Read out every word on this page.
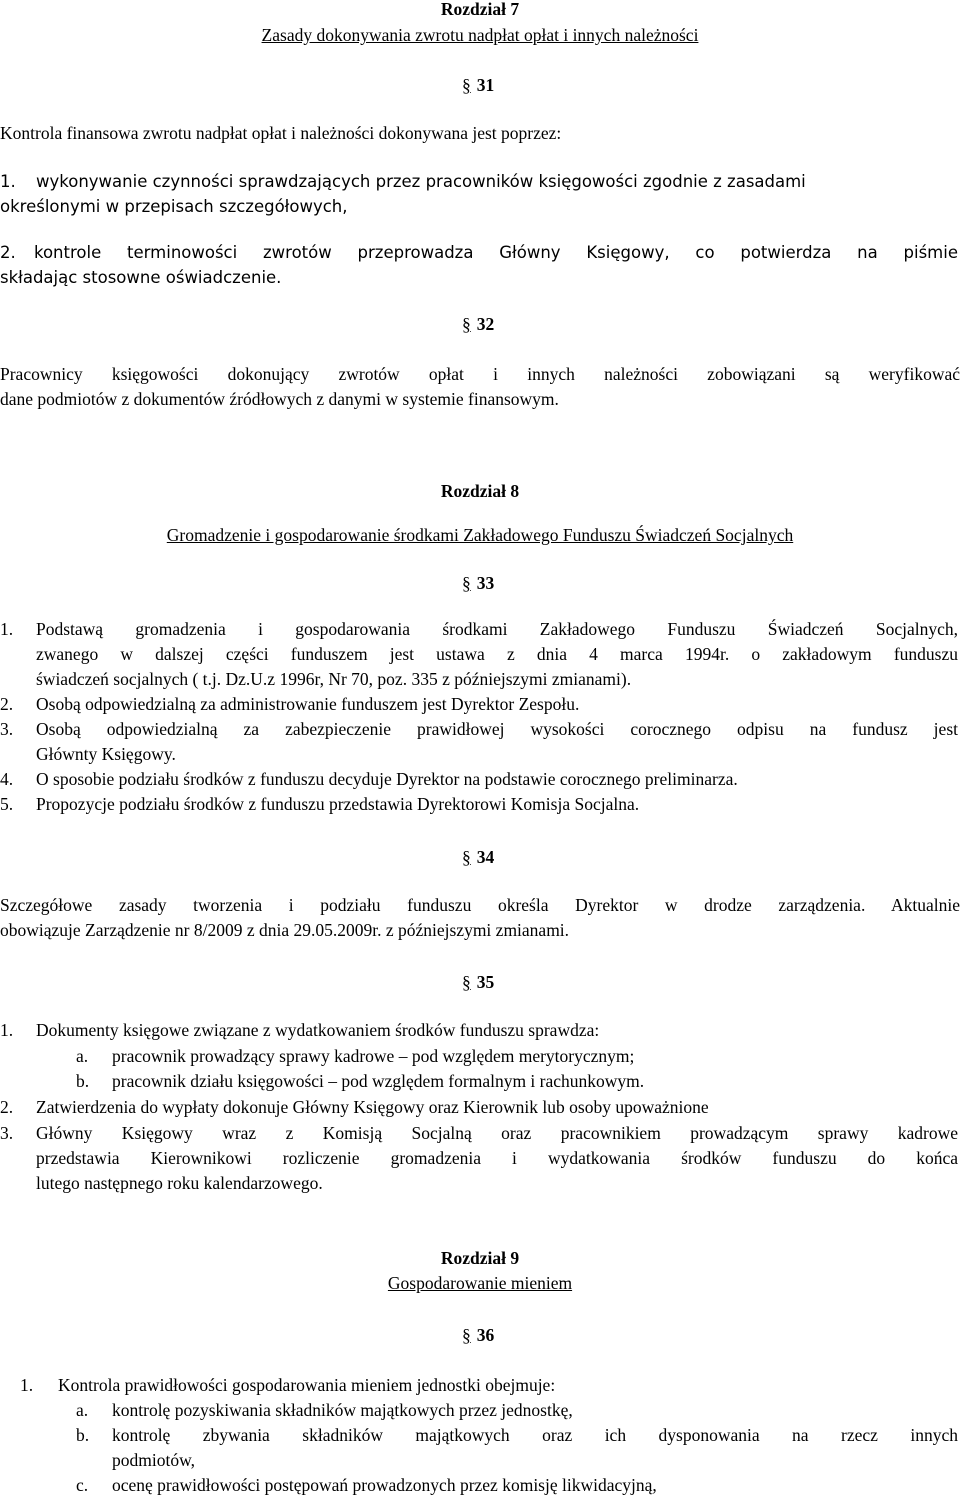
Rozdział 7
Zasady dokonywania zwrotu nadpłat opłat i innych należności
§ 31
Kontrola finansowa zwrotu nadpłat opłat i należności dokonywana jest poprzez:
1. wykonywanie czynności sprawdzających przez pracowników księgowości zgodnie z zasadami
określonymi w przepisach szczegółowych,
2. kontrole terminowości zwrotów przeprowadza Główny Księgowy, co potwierdza na piśmie
składając stosowne oświadczenie.
§ 32
Pracownicy księgowości dokonujący zwrotów opłat i innych należności zobowiązani są weryfikować
dane podmiotów z dokumentów źródłowych z danymi w systemie finansowym.
Rozdział 8
Gromadzenie i gospodarowanie środkami Zakładowego Funduszu Świadczeń Socjalnych
§ 33
1. Podstawą gromadzenia i gospodarowania środkami Zakładowego Funduszu Świadczeń Socjalnych,
zwanego w dalszej części funduszem jest ustawa z dnia 4 marca 1994r. o zakładowym funduszu
świadczeń socjalnych ( t.j. Dz.U.z 1996r, Nr 70, poz. 335 z późniejszymi zmianami).
2. Osobą odpowiedzialną za administrowanie funduszem jest Dyrektor Zespołu.
3. Osobą odpowiedzialną za zabezpieczenie prawidłowej wysokości corocznego odpisu na fundusz jest
Głównty Księgowy.
4. O sposobie podziału środków z funduszu decyduje Dyrektor na podstawie corocznego preliminarza.
5. Propozycje podziału środków z funduszu przedstawia Dyrektorowi Komisja Socjalna.
§ 34
Szczegółowe zasady tworzenia i podziału funduszu określa Dyrektor w drodze zarządzenia. Aktualnie
obowiązuje Zarządzenie nr 8/2009 z dnia 29.05.2009r. z późniejszymi zmianami.
§ 35
1. Dokumenty księgowe związane z wydatkowaniem środków funduszu sprawdza:
a. pracownik prowadzący sprawy kadrowe – pod względem merytorycznym;
b. pracownik działu księgowości – pod względem formalnym i rachunkowym.
2. Zatwierdzenia do wypłaty dokonuje Główny Księgowy oraz Kierownik lub osoby upoważnione
3. Główny Księgowy wraz z Komisją Socjalną oraz pracownikiem prowadzącym sprawy kadrowe
przedstawia Kierownikowi rozliczenie gromadzenia i wydatkowania środków funduszu do końca
lutego następnego roku kalendarzowego.
Rozdział 9
Gospodarowanie mieniem
§ 36
1. Kontrola prawidłowości gospodarowania mieniem jednostki obejmuje:
a. kontrolę pozyskiwania składników majątkowych przez jednostkę,
b. kontrolę zbywania składników majątkowych oraz ich dysponowania na rzecz innych
podmiotów,
c. ocenę prawidłowości postępowań prowadzonych przez komisję likwidacyjną,
